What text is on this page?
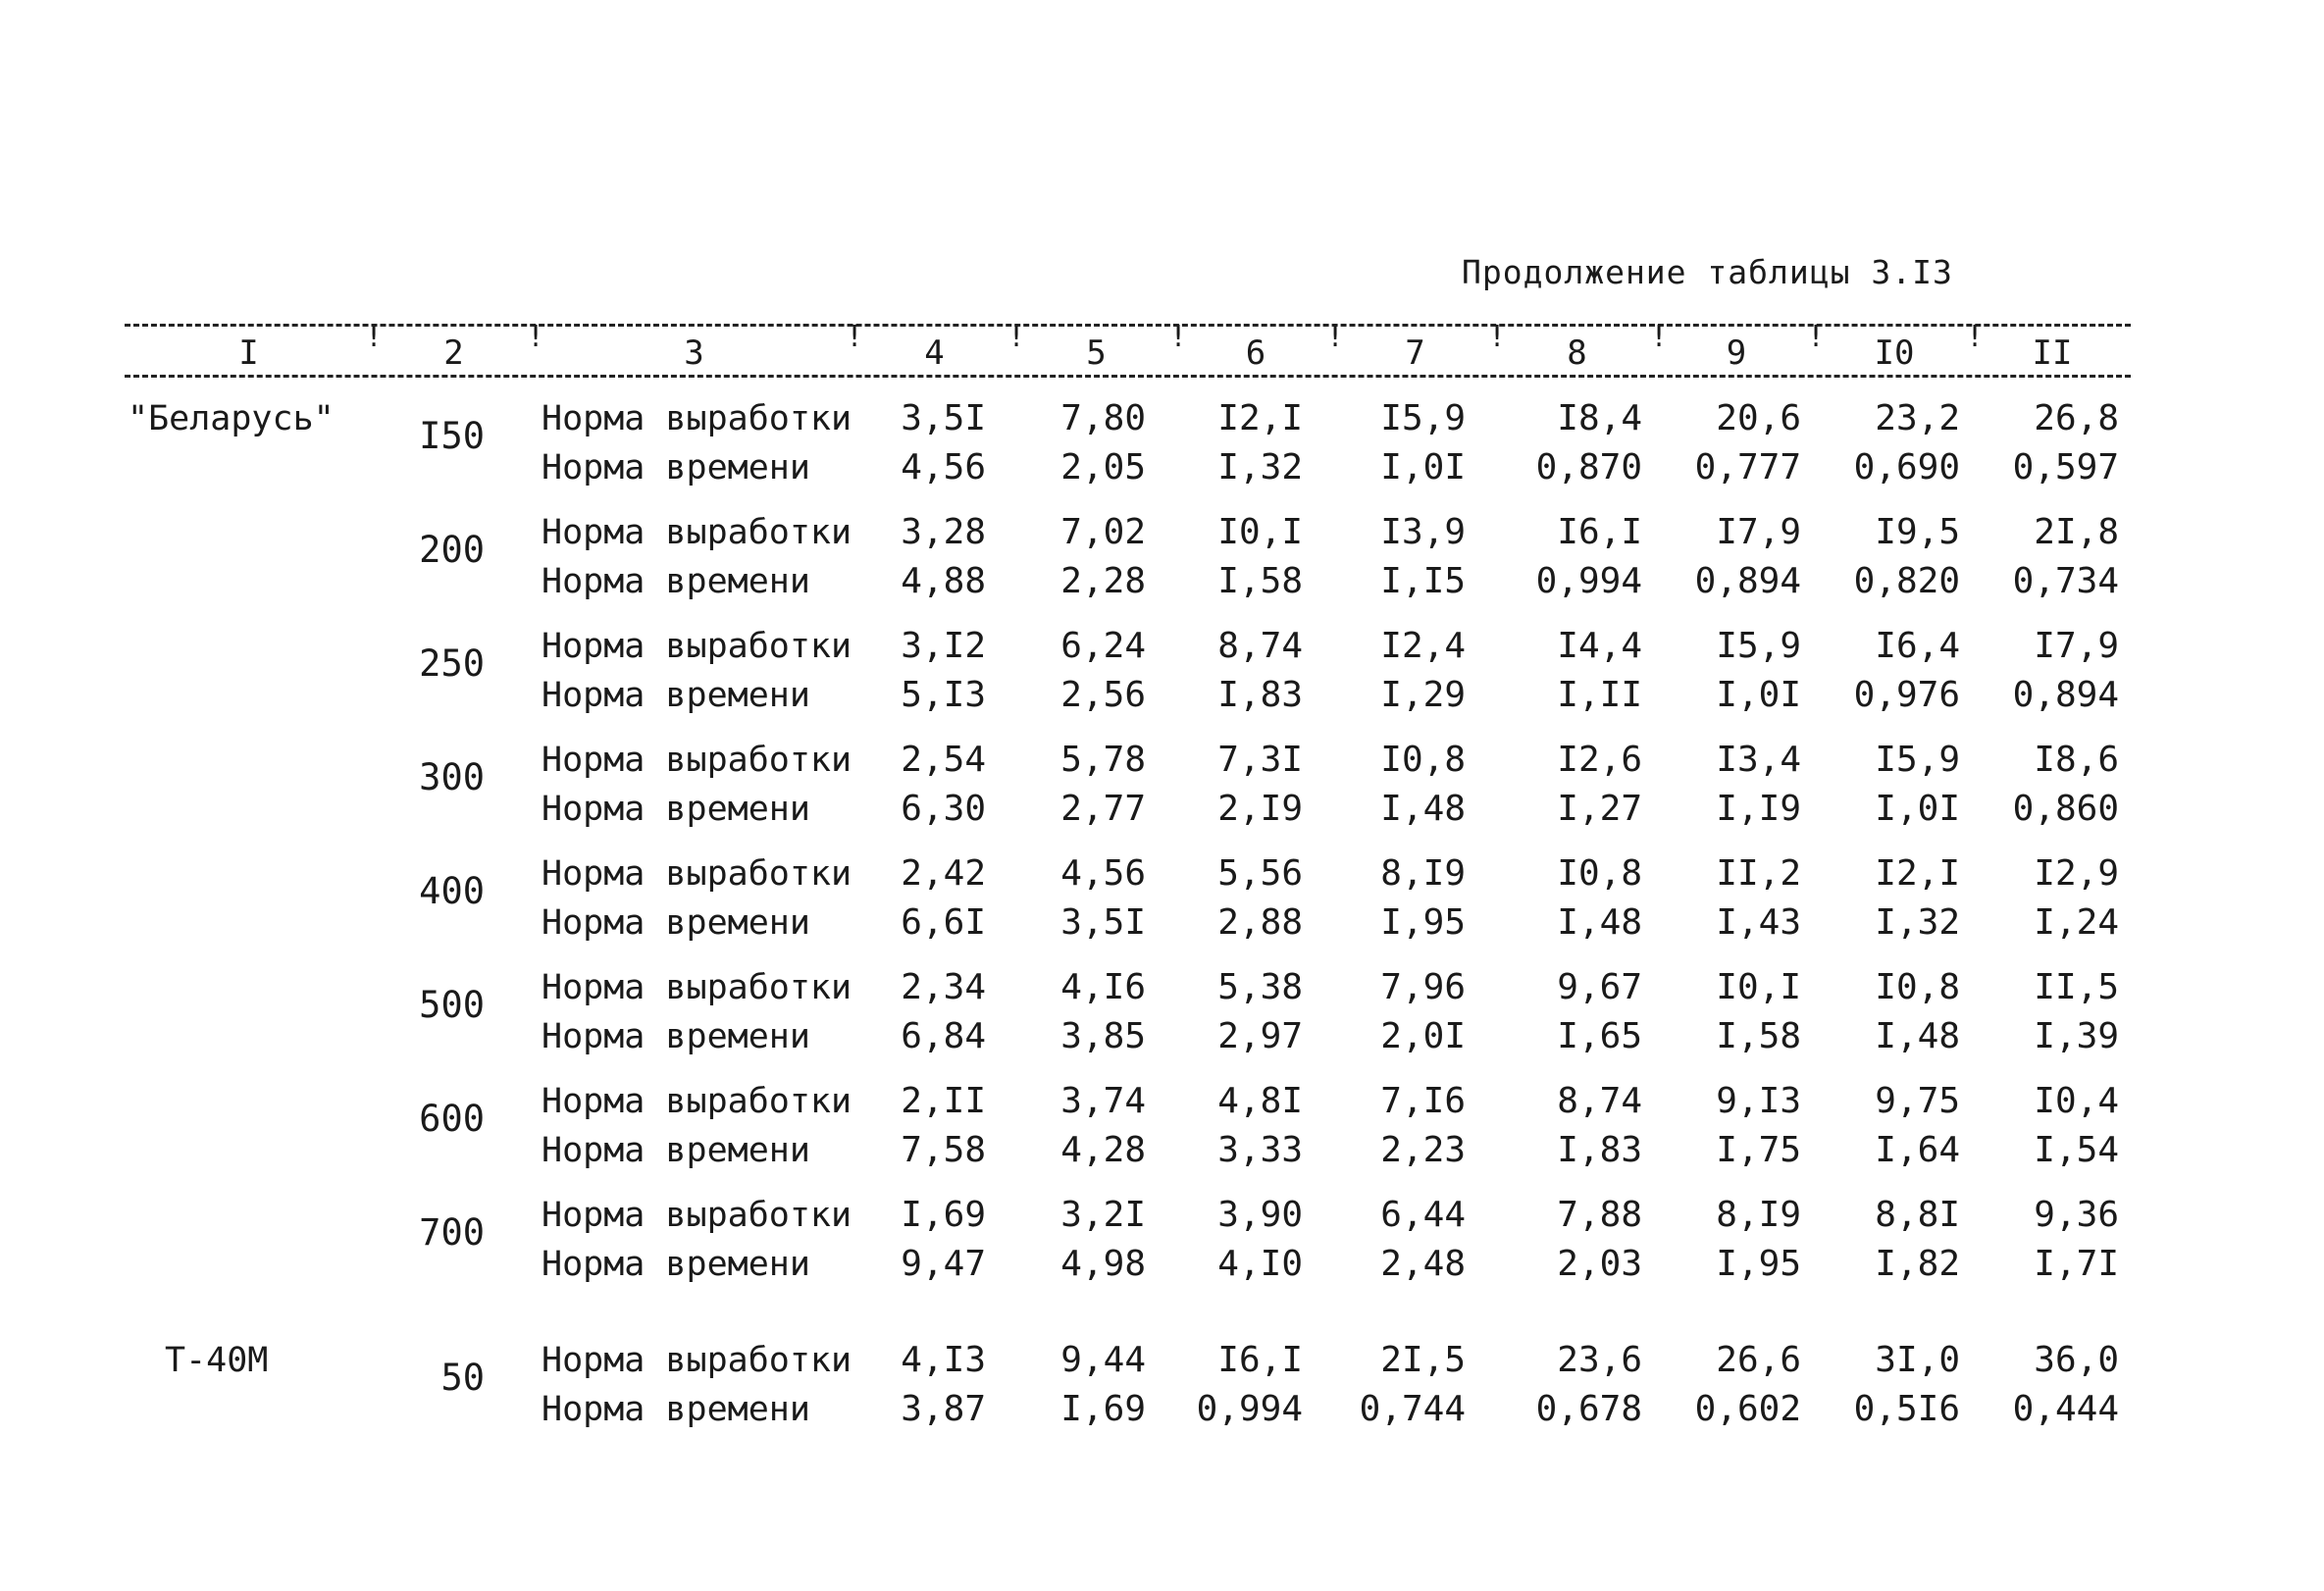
Продолжение таблицы 3.I3
I	2	3	4	5	6	7	8	9	I0	II
!	!	!	!	!	!	!	!	!	!
"Беларусь" I50 Норма выработки	3,5I	7,80	I2,I	I5,9	I8,4	20,6	23,2	26,8
Норма времени	4,56	2,05	I,32	I,0I	0,870	0,777	0,690	0,597
200 Норма выработки	3,28	7,02	I0,I	I3,9	I6,I	I7,9	I9,5	2I,8
Норма времени	4,88	2,28	I,58	I,I5	0,994	0,894	0,820	0,734
250 Норма выработки	3,I2	6,24	8,74	I2,4	I4,4	I5,9	I6,4	I7,9
Норма времени	5,I3	2,56	I,83	I,29	I,II	I,0I	0,976	0,894
300 Норма выработки	2,54	5,78	7,3I	I0,8	I2,6	I3,4	I5,9	I8,6
Норма времени	6,30	2,77	2,I9	I,48	I,27	I,I9	I,0I	0,860
400 Норма выработки	2,42	4,56	5,56	8,I9	I0,8	II,2	I2,I	I2,9
Норма времени	6,6I	3,5I	2,88	I,95	I,48	I,43	I,32	I,24
500 Норма выработки	2,34	4,I6	5,38	7,96	9,67	I0,I	I0,8	II,5
Норма времени	6,84	3,85	2,97	2,0I	I,65	I,58	I,48	I,39
600 Норма выработки	2,II	3,74	4,8I	7,I6	8,74	9,I3	9,75	I0,4
Норма времени	7,58	4,28	3,33	2,23	I,83	I,75	I,64	I,54
700 Норма выработки	I,69	3,2I	3,90	6,44	7,88	8,I9	8,8I	9,36
Норма времени	9,47	4,98	4,I0	2,48	2,03	I,95	I,82	I,7I
Т-40М	50 Норма выработки	4,I3	9,44	I6,I	2I,5	23,6	26,6	3I,0	36,0
Норма времени	3,87	I,69	0,994	0,744	0,678	0,602	0,5I6	0,444
